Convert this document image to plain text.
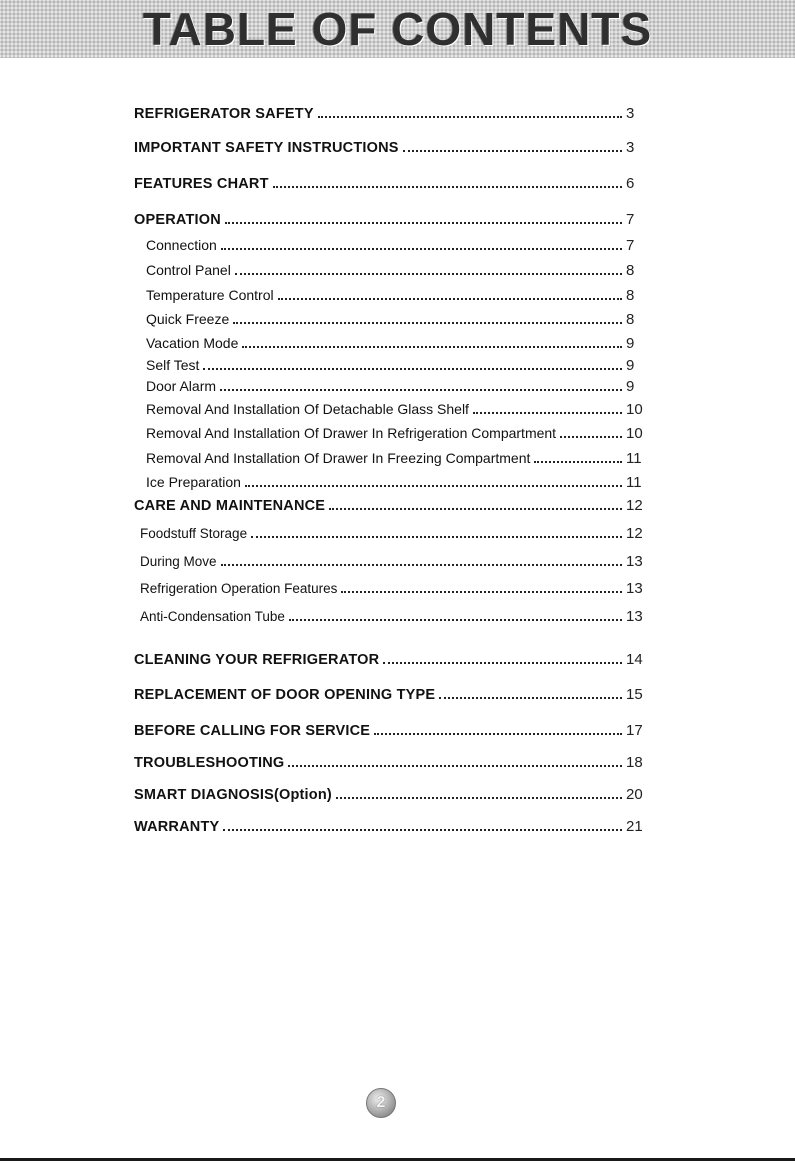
TABLE OF CONTENTS
REFRIGERATOR SAFETY	3
IMPORTANT SAFETY INSTRUCTIONS	3
FEATURES CHART	6
OPERATION	7
Connection	7
Control Panel	8
Temperature Control	8
Quick Freeze	8
Vacation Mode	9
Self Test	9
Door Alarm	9
Removal And Installation Of Detachable Glass Shelf	10
Removal And Installation Of Drawer In Refrigeration Compartment	10
Removal And Installation Of Drawer In Freezing Compartment	11
Ice Preparation	11
CARE AND MAINTENANCE	12
Foodstuff Storage	12
During Move	13
Refrigeration Operation Features	13
Anti-Condensation Tube	13
CLEANING YOUR REFRIGERATOR	14
REPLACEMENT OF DOOR OPENING TYPE	15
BEFORE CALLING FOR SERVICE	17
TROUBLESHOOTING	18
SMART DIAGNOSIS(Option)	20
WARRANTY	21
2
